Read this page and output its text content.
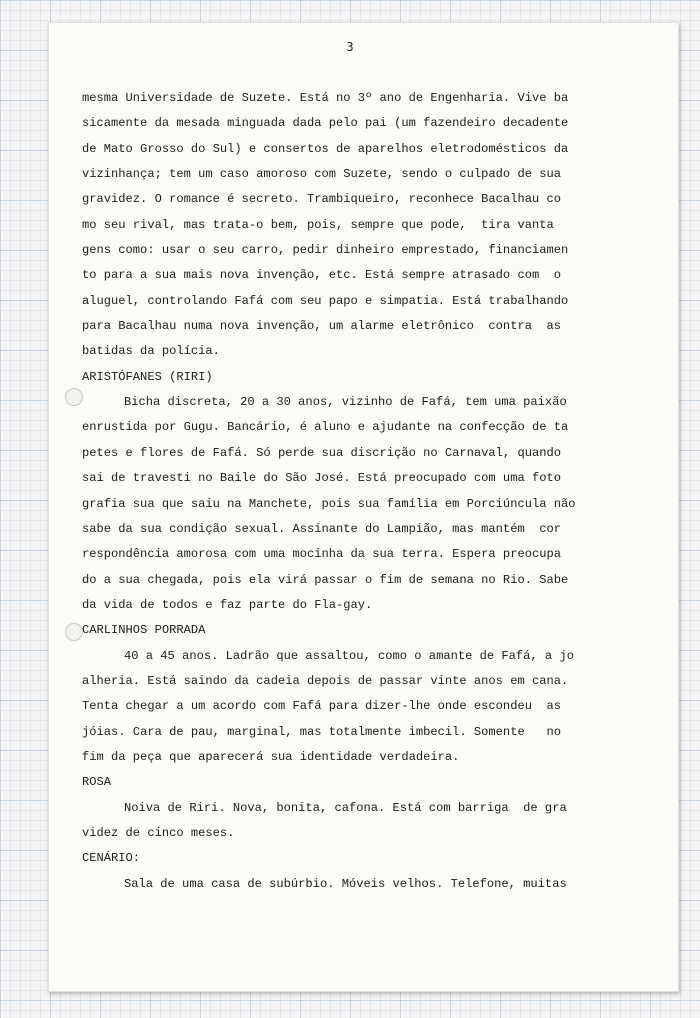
3
mesma Universidade de Suzete. Está no 3º ano de Engenharia. Vive ba
sicamente da mesada minguada dada pelo pai (um fazendeiro decadente
de Mato Grosso do Sul) e consertos de aparelhos eletrodomésticos da
vizinhança; tem um caso amoroso com Suzete, sendo o culpado de sua
gravidez. O romance é secreto. Trambiqueiro, reconhece Bacalhau co
mo seu rival, mas trata-o bem, pois, sempre que pode,  tira vanta
gens como: usar o seu carro, pedir dinheiro emprestado, financiamen
to para a sua mais nova invenção, etc. Está sempre atrasado com  o
aluguel, controlando Fafá com seu papo e simpatia. Está trabalhando
para Bacalhau numa nova invenção, um alarme eletrônico  contra  as
batidas da polícia.
ARISTÓFANES (RIRI)
Bicha discreta, 20 a 30 anos, vizinho de Fafá, tem uma paixão
enrustida por Gugu. Bancário, é aluno e ajudante na confecção de ta
petes e flores de Fafá. Só perde sua discrição no Carnaval, quando
sai de travesti no Baile do São José. Está preocupado com uma foto
grafia sua que saiu na Manchete, pois sua família em Porciúncula não
sabe da sua condição sexual. Assinante do Lampião, mas mantém  cor
respondência amorosa com uma mocinha da sua terra. Espera preocupa
do a sua chegada, pois ela virá passar o fim de semana no Rio. Sabe
da vida de todos e faz parte do Fla-gay.
CARLINHOS PORRADA
40 a 45 anos. Ladrão que assaltou, como o amante de Fafá, a jo
alheria. Está saindo da cadeia depois de passar vinte anos em cana.
Tenta chegar a um acordo com Fafá para dizer-lhe onde escondeu  as
jóias. Cara de pau, marginal, mas totalmente imbecil. Somente   no
fim da peça que aparecerá sua identidade verdadeira.
ROSA
Noiva de Riri. Nova, bonita, cafona. Está com barriga  de gra
videz de cinco meses.
CENÁRIO:
Sala de uma casa de subúrbio. Móveis velhos. Telefone, muitas
